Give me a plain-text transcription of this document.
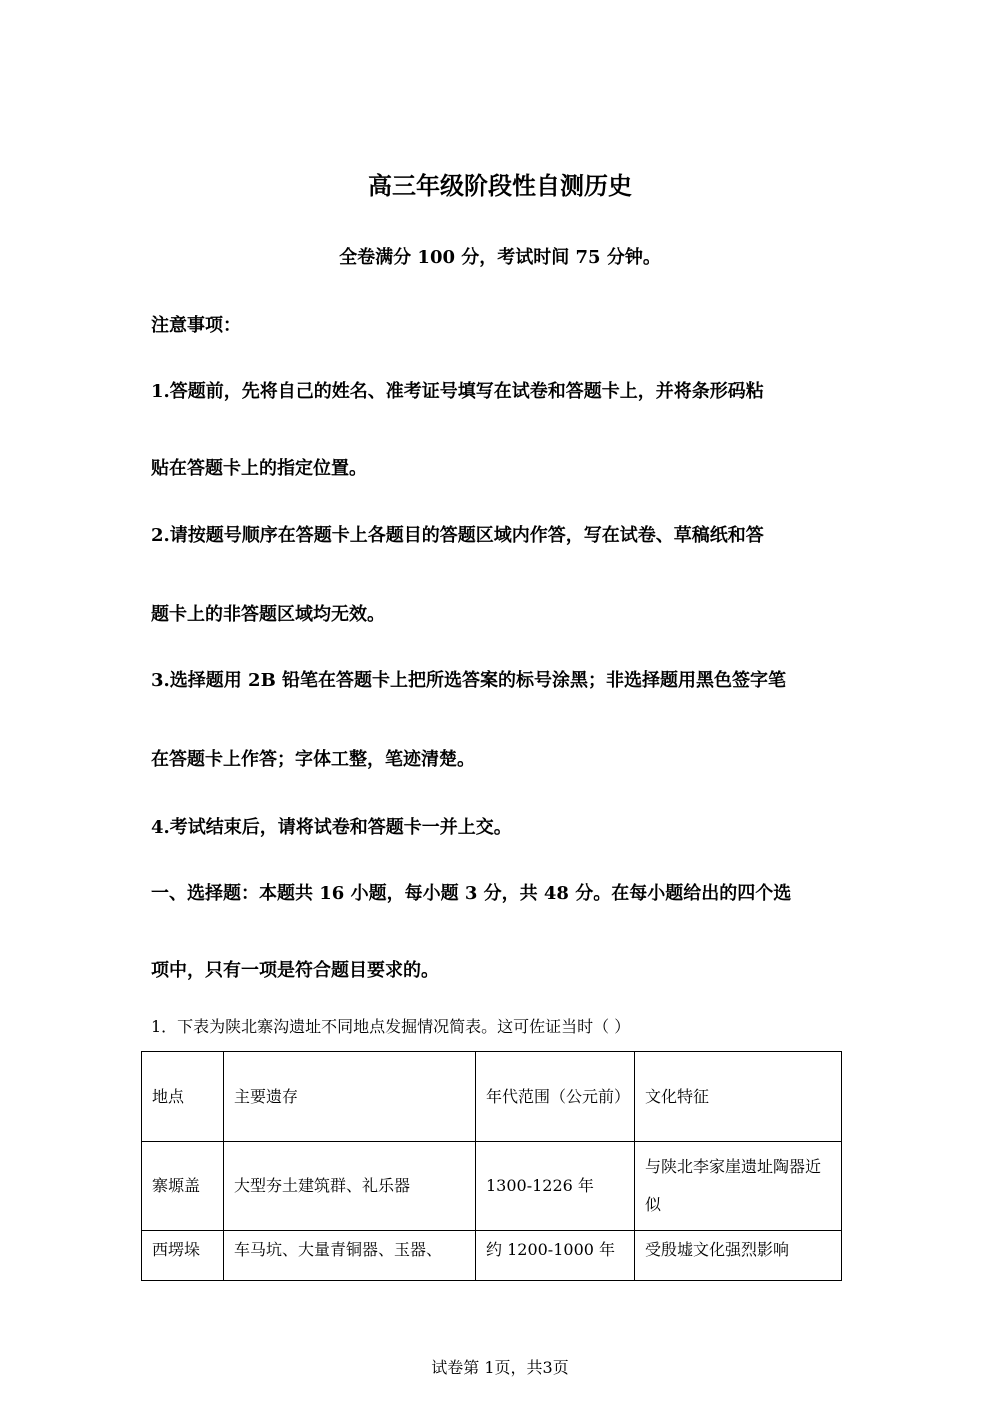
高三年级阶段性自测历史
全卷满分 100 分，考试时间 75 分钟。
注意事项：
1.答题前，先将自己的姓名、准考证号填写在试卷和答题卡上，并将条形码粘
贴在答题卡上的指定位置。
2.请按题号顺序在答题卡上各题目的答题区域内作答，写在试卷、草稿纸和答
题卡上的非答题区域均无效。
3.选择题用 2B 铅笔在答题卡上把所选答案的标号涂黑；非选择题用黑色签字笔
在答题卡上作答；字体工整，笔迹清楚。
4.考试结束后，请将试卷和答题卡一并上交。
一、选择题：本题共 16 小题，每小题 3 分，共 48 分。在每小题给出的四个选
项中，只有一项是符合题目要求的。
1．下表为陕北寨沟遗址不同地点发掘情况简表。这可佐证当时（ ）
地点	主要遗存	年代范围（公元前）	文化特征
寨塬盖	大型夯土建筑群、礼乐器	1300-1226 年	与陕北李家崖遗址陶器近似
西塄垛	车马坑、大量青铜器、玉器、	约 1200-1000 年	受殷墟文化强烈影响
试卷第 1页，共3页
